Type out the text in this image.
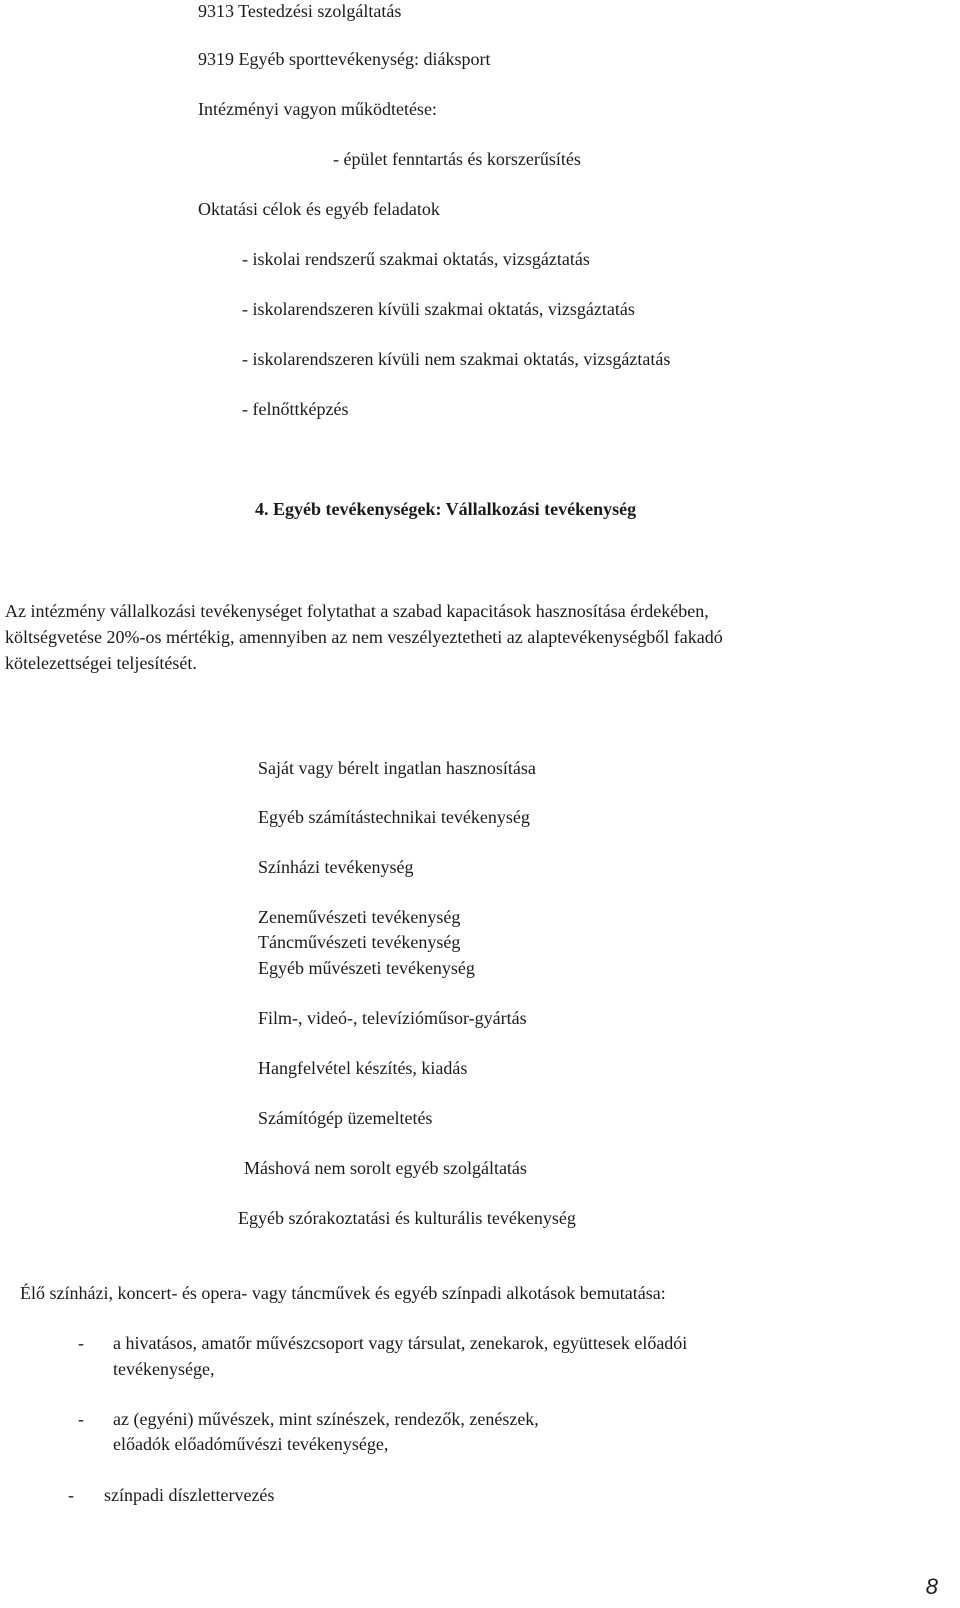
9313 Testedzési szolgáltatás
9319 Egyéb sporttevékenység: diáksport
Intézményi vagyon működtetése:
- épület fenntartás és korszerűsítés
Oktatási célok és egyéb feladatok
- iskolai rendszerű szakmai oktatás, vizsgáztatás
- iskolarendszeren kívüli szakmai oktatás, vizsgáztatás
- iskolarendszeren kívüli nem szakmai oktatás, vizsgáztatás
- felnőttképzés
4. Egyéb tevékenységek: Vállalkozási tevékenység
Az intézmény vállalkozási tevékenységet folytathat a szabad kapacitások hasznosítása érdekében,
költségvetése 20%-os mértékig, amennyiben az nem veszélyeztetheti az alaptevékenységből fakadó
kötelezettségei teljesítését.
Saját vagy bérelt ingatlan hasznosítása
Egyéb számítástechnikai tevékenység
Színházi tevékenység
Zeneművészeti tevékenység
Táncművészeti tevékenység
Egyéb művészeti tevékenység
Film-, videó-, televízióműsor-gyártás
Hangfelvétel készítés, kiadás
Számítógép üzemeltetés
Máshová nem sorolt egyéb szolgáltatás
Egyéb szórakoztatási és kulturális tevékenység
Élő színházi, koncert- és opera- vagy táncművek és egyéb színpadi alkotások bemutatása:
- a hivatásos, amatőr művészcsoport vagy társulat, zenekarok, együttesek előadói
tevékenysége,
- az (egyéni) művészek, mint színészek, rendezők, zenészek,
előadók előadóművészi tevékenysége,
- színpadi díszlettervezés
8
